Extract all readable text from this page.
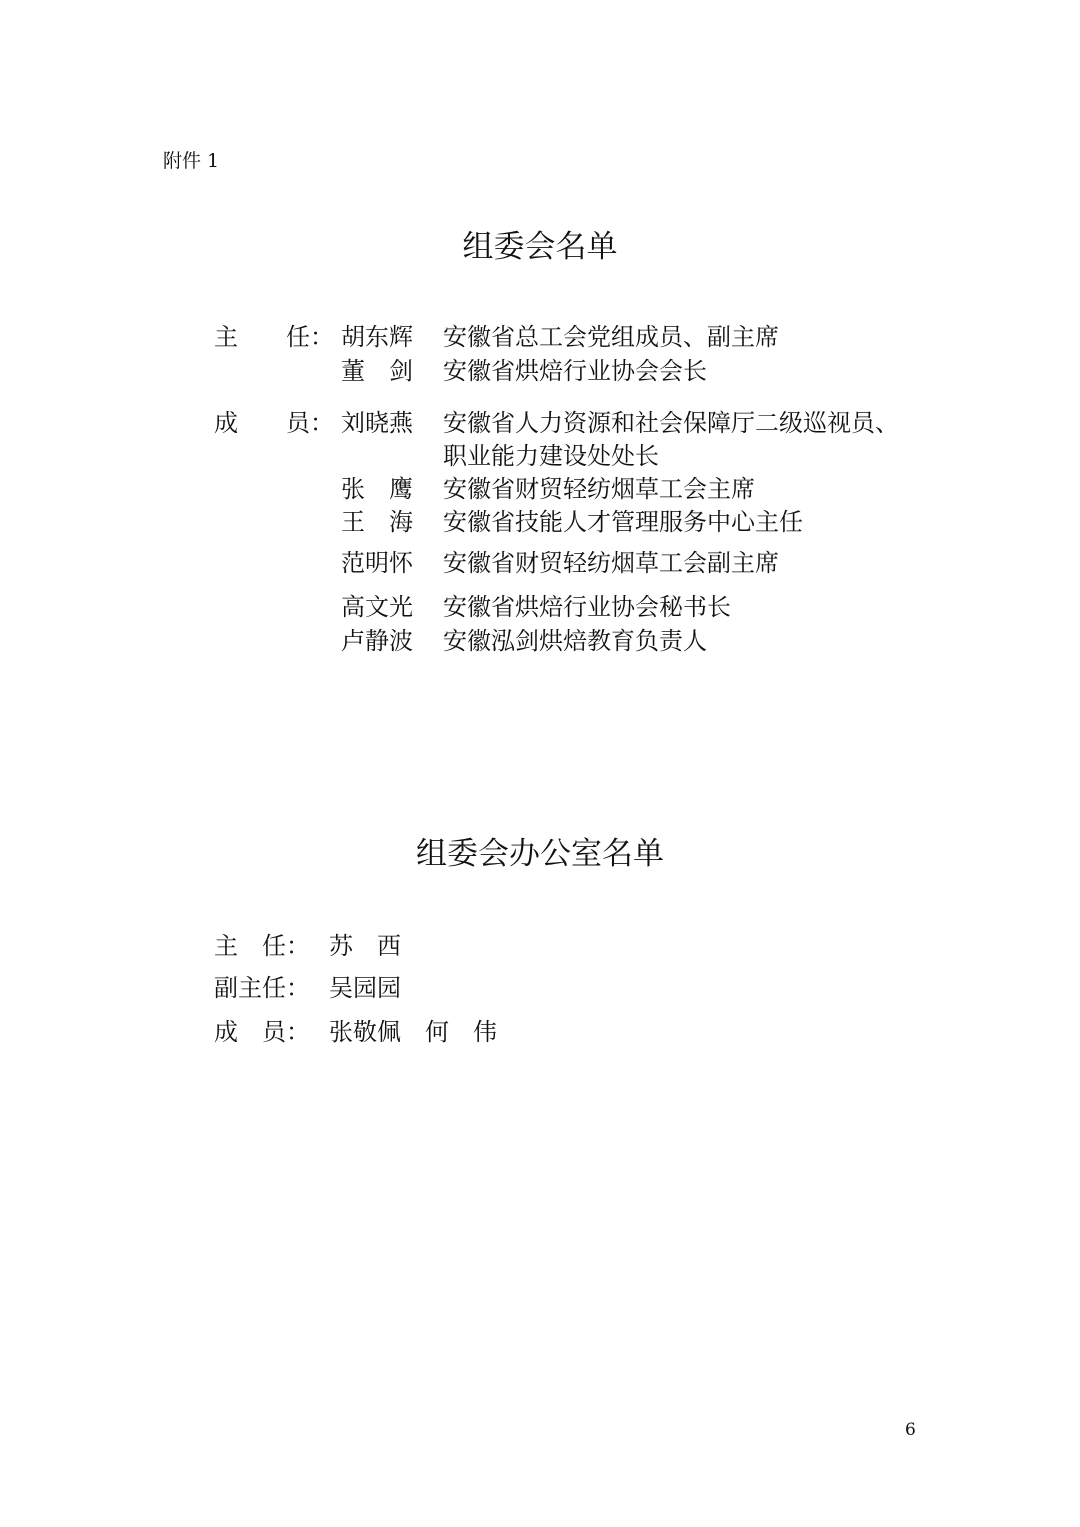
附件 1
组委会名单
主　　任： 胡东辉 安徽省总工会党组成员、副主席
董　剑 安徽省烘焙行业协会会长
成　　员： 刘晓燕 安徽省人力资源和社会保障厅二级巡视员、
职业能力建设处处长
张　鹰 安徽省财贸轻纺烟草工会主席
王　海 安徽省技能人才管理服务中心主任
范明怀 安徽省财贸轻纺烟草工会副主席
高文光 安徽省烘焙行业协会秘书长
卢静波 安徽泓剑烘焙教育负责人
组委会办公室名单
主　任： 苏　西
副主任： 吴园园
成　员： 张敬佩　何　伟
6
